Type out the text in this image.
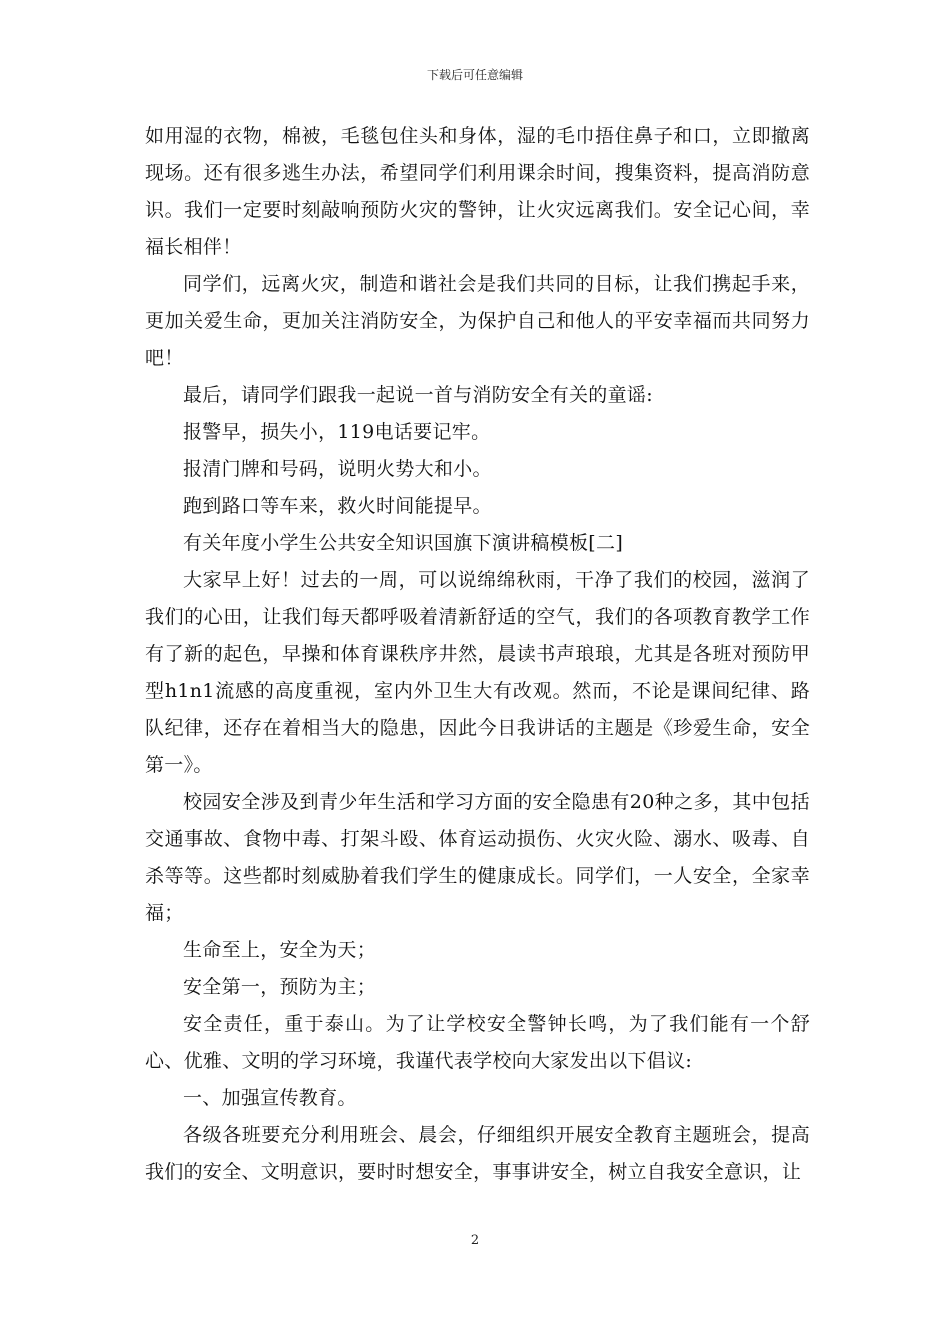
下载后可任意编辑

如用湿的衣物，棉被，毛毯包住头和身体，湿的毛巾捂住鼻子和口，立即撤离现场。还有很多逃生办法，希望同学们利用课余时间，搜集资料，提高消防意识。我们一定要时刻敲响预防火灾的警钟，让火灾远离我们。安全记心间，幸福长相伴！

同学们，远离火灾，制造和谐社会是我们共同的目标，让我们携起手来，更加关爱生命，更加关注消防安全，为保护自己和他人的平安幸福而共同努力吧！

最后，请同学们跟我一起说一首与消防安全有关的童谣:

报警早，损失小，119电话要记牢。

报清门牌和号码，说明火势大和小。

跑到路口等车来，救火时间能提早。

有关年度小学生公共安全知识国旗下演讲稿模板[二]

大家早上好！过去的一周，可以说绵绵秋雨，干净了我们的校园，滋润了我们的心田，让我们每天都呼吸着清新舒适的空气，我们的各项教育教学工作有了新的起色，早操和体育课秩序井然，晨读书声琅琅，尤其是各班对预防甲型h1n1流感的高度重视，室内外卫生大有改观。然而，不论是课间纪律、路队纪律，还存在着相当大的隐患，因此今日我讲话的主题是《珍爱生命，安全第一》。

校园安全涉及到青少年生活和学习方面的安全隐患有20种之多，其中包括交通事故、食物中毒、打架斗殴、体育运动损伤、火灾火险、溺水、吸毒、自杀等等。这些都时刻威胁着我们学生的健康成长。同学们，一人安全，全家幸福；

生命至上，安全为天；

安全第一，预防为主；

安全责任，重于泰山。为了让学校安全警钟长鸣，为了我们能有一个舒心、优雅、文明的学习环境，我谨代表学校向大家发出以下倡议:

一、加强宣传教育。

各级各班要充分利用班会、晨会，仔细组织开展安全教育主题班会，提高我们的安全、文明意识，要时时想安全，事事讲安全，树立自我安全意识，让

2
